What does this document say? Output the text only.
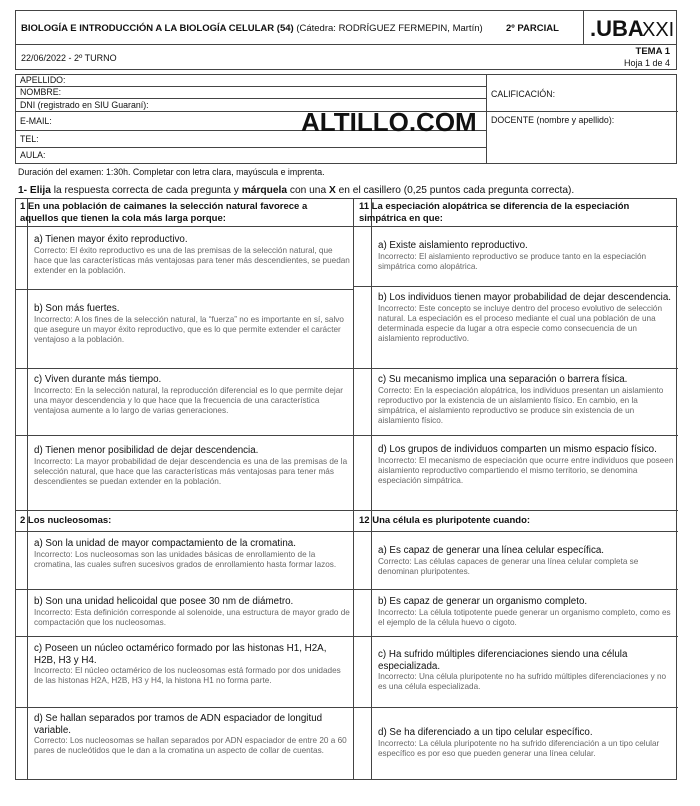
BIOLOGÍA E INTRODUCCIÓN A LA BIOLOGÍA CELULAR (54) (Cátedra: RODRÍGUEZ FERMEPIN, Martín) 2º PARCIAL .UBA
XXI
22/06/2022 - 2º TURNO
TEMA 1
Hoja 1 de 4
APELLIDO:
NOMBRE:
DNI (registrado en SIU Guaraní):
E-MAIL:
TEL:
AULA:
CALIFICACIÓN:
DOCENTE (nombre y apellido):
ALTILLO.COM
Duración del examen: 1:30h. Completar con letra clara, mayúscula e imprenta.
1- Elija la respuesta correcta de cada pregunta y márquela con una X en el casillero (0,25 puntos cada pregunta correcta).
1 En una población de caimanes la selección natural favorece a aquellos que tienen la cola más larga porque:
a) Tienen mayor éxito reproductivo.
Correcto: El éxito reproductivo es una de las premisas de la selección natural, que hace que las características más ventajosas para tener más descendientes, se puedan extender en la población.
b) Son más fuertes.
Incorrecto: A los fines de la selección natural, la “fuerza” no es importante en sí, salvo que asegure un mayor éxito reproductivo, que es lo que permite extender el carácter ventajoso a la población.
c) Viven durante más tiempo.
Incorrecto: En la selección natural, la reproducción diferencial es lo que permite dejar una mayor descendencia y lo que hace que la frecuencia de una característica ventajosa aumente a lo largo de varias generaciones.
d) Tienen menor posibilidad de dejar descendencia.
Incorrecto: La mayor probabilidad de dejar descendencia es una de las premisas de la selección natural, que hace que las características más ventajosas para tener más descendientes se puedan extender en la población.
2 Los nucleosomas:
a) Son la unidad de mayor compactamiento de la cromatina.
Incorrecto: Los nucleosomas son las unidades básicas de enrollamiento de la cromatina, las cuales sufren sucesivos grados de enrollamiento hasta formar lazos.
b) Son una unidad helicoidal que posee 30 nm de diámetro.
Incorrecto: Esta definición corresponde al solenoide, una estructura de mayor grado de compactación que los nucleosomas.
c) Poseen un núcleo octamérico formado por las histonas H1, H2A, H2B, H3 y H4.
Incorrecto: El núcleo octamérico de los nucleosomas está formado por dos unidades de las histonas H2A, H2B, H3 y H4, la histona H1 no forma parte.
d) Se hallan separados por tramos de ADN espaciador de longitud variable.
Correcto: Los nucleosomas se hallan separados por ADN espaciador de entre 20 a 60 pares de nucleótidos que le dan a la cromatina un aspecto de collar de cuentas.
11 La especiación alopátrica se diferencia de la especiación simpátrica en que:
a) Existe aislamiento reproductivo.
Incorrecto: El aislamiento reproductivo se produce tanto en la especiación simpátrica como alopátrica.
b) Los individuos tienen mayor probabilidad de dejar descendencia.
Incorrecto: Este concepto se incluye dentro del proceso evolutivo de selección natural. La especiación es el proceso mediante el cual una población de una determinada especie da lugar a otra especie como consecuencia de un aislamiento reproductivo.
c) Su mecanismo implica una separación o barrera física.
Correcto: En la especiación alopátrica, los individuos presentan un aislamiento reproductivo por la existencia de un aislamiento físico. En cambio, en la simpátrica, el aislamiento reproductivo se produce sin existencia de un aislamiento físico.
d) Los grupos de individuos comparten un mismo espacio físico.
Incorrecto: El mecanismo de especiación que ocurre entre individuos que poseen aislamiento reproductivo compartiendo el mismo territorio, se denomina especiación simpátrica.
12 Una célula es pluripotente cuando:
a) Es capaz de generar una línea celular específica.
Correcto: Las células capaces de generar una línea celular completa se denominan pluripotentes.
b) Es capaz de generar un organismo completo.
Incorrecto: La célula totipotente puede generar un organismo completo, como es el ejemplo de la célula huevo o cigoto.
c) Ha sufrido múltiples diferenciaciones siendo una célula especializada.
Incorrecto: Una célula pluripotente no ha sufrido múltiples diferenciaciones y no es una célula especializada.
d) Se ha diferenciado a un tipo celular específico.
Incorrecto: La célula pluripotente no ha sufrido diferenciación a un tipo celular específico es por eso que pueden generar una línea celular.
